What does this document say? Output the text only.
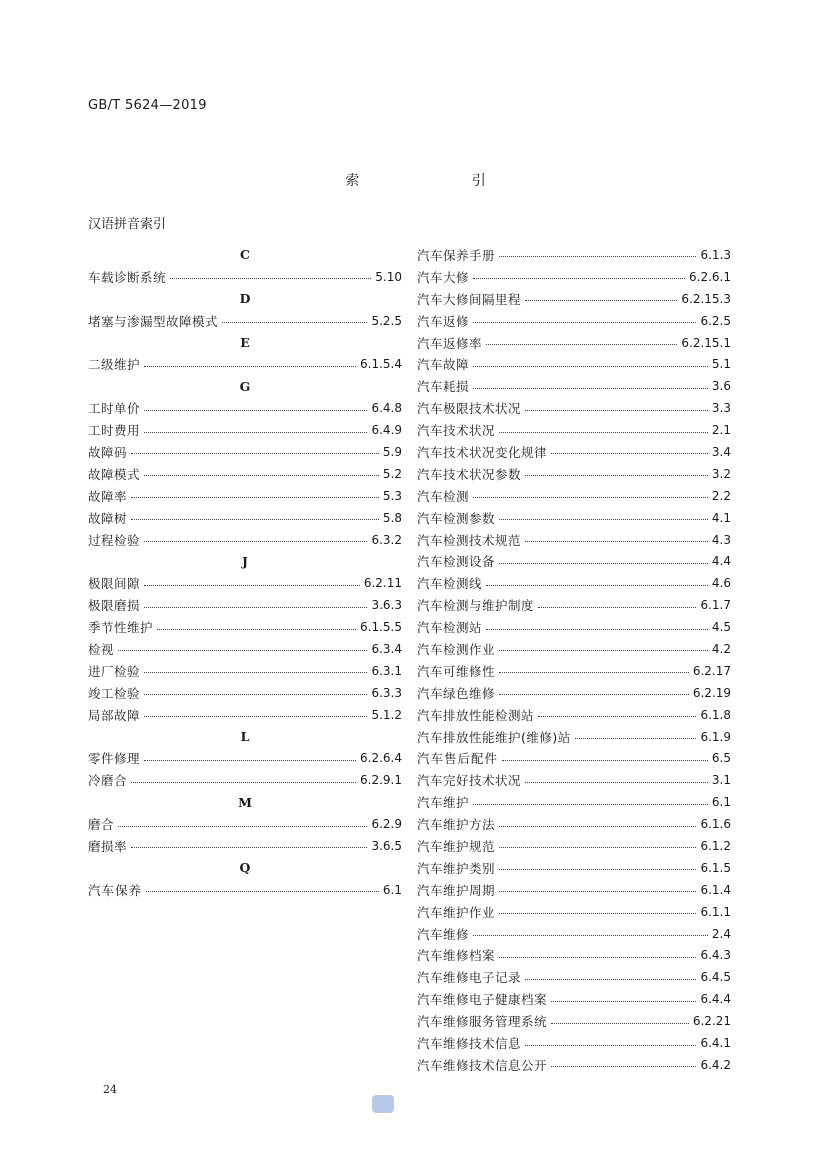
GB/T 5624—2019
索 引
汉语拼音索引
C
车载诊断系统	5.10
D
堵塞与渗漏型故障模式	5.2.5
E
二级维护	6.1.5.4
G
工时单价	6.4.8
工时费用	6.4.9
故障码	5.9
故障模式	5.2
故障率	5.3
故障树	5.8
过程检验	6.3.2
J
极限间隙	6.2.11
极限磨损	3.6.3
季节性维护	6.1.5.5
检视	6.3.4
进厂检验	6.3.1
竣工检验	6.3.3
局部故障	5.1.2
L
零件修理	6.2.6.4
冷磨合	6.2.9.1
M
磨合	6.2.9
磨损率	3.6.5
Q
汽车保养	6.1
汽车保养手册	6.1.3
汽车大修	6.2.6.1
汽车大修间隔里程	6.2.15.3
汽车返修	6.2.5
汽车返修率	6.2.15.1
汽车故障	5.1
汽车耗损	3.6
汽车极限技术状况	3.3
汽车技术状况	2.1
汽车技术状况变化规律	3.4
汽车技术状况参数	3.2
汽车检测	2.2
汽车检测参数	4.1
汽车检测技术规范	4.3
汽车检测设备	4.4
汽车检测线	4.6
汽车检测与维护制度	6.1.7
汽车检测站	4.5
汽车检测作业	4.2
汽车可维修性	6.2.17
汽车绿色维修	6.2.19
汽车排放性能检测站	6.1.8
汽车排放性能维护(维修)站	6.1.9
汽车售后配件	6.5
汽车完好技术状况	3.1
汽车维护	6.1
汽车维护方法	6.1.6
汽车维护规范	6.1.2
汽车维护类别	6.1.5
汽车维护周期	6.1.4
汽车维护作业	6.1.1
汽车维修	2.4
汽车维修档案	6.4.3
汽车维修电子记录	6.4.5
汽车维修电子健康档案	6.4.4
汽车维修服务管理系统	6.2.21
汽车维修技术信息	6.4.1
汽车维修技术信息公开	6.4.2
24
